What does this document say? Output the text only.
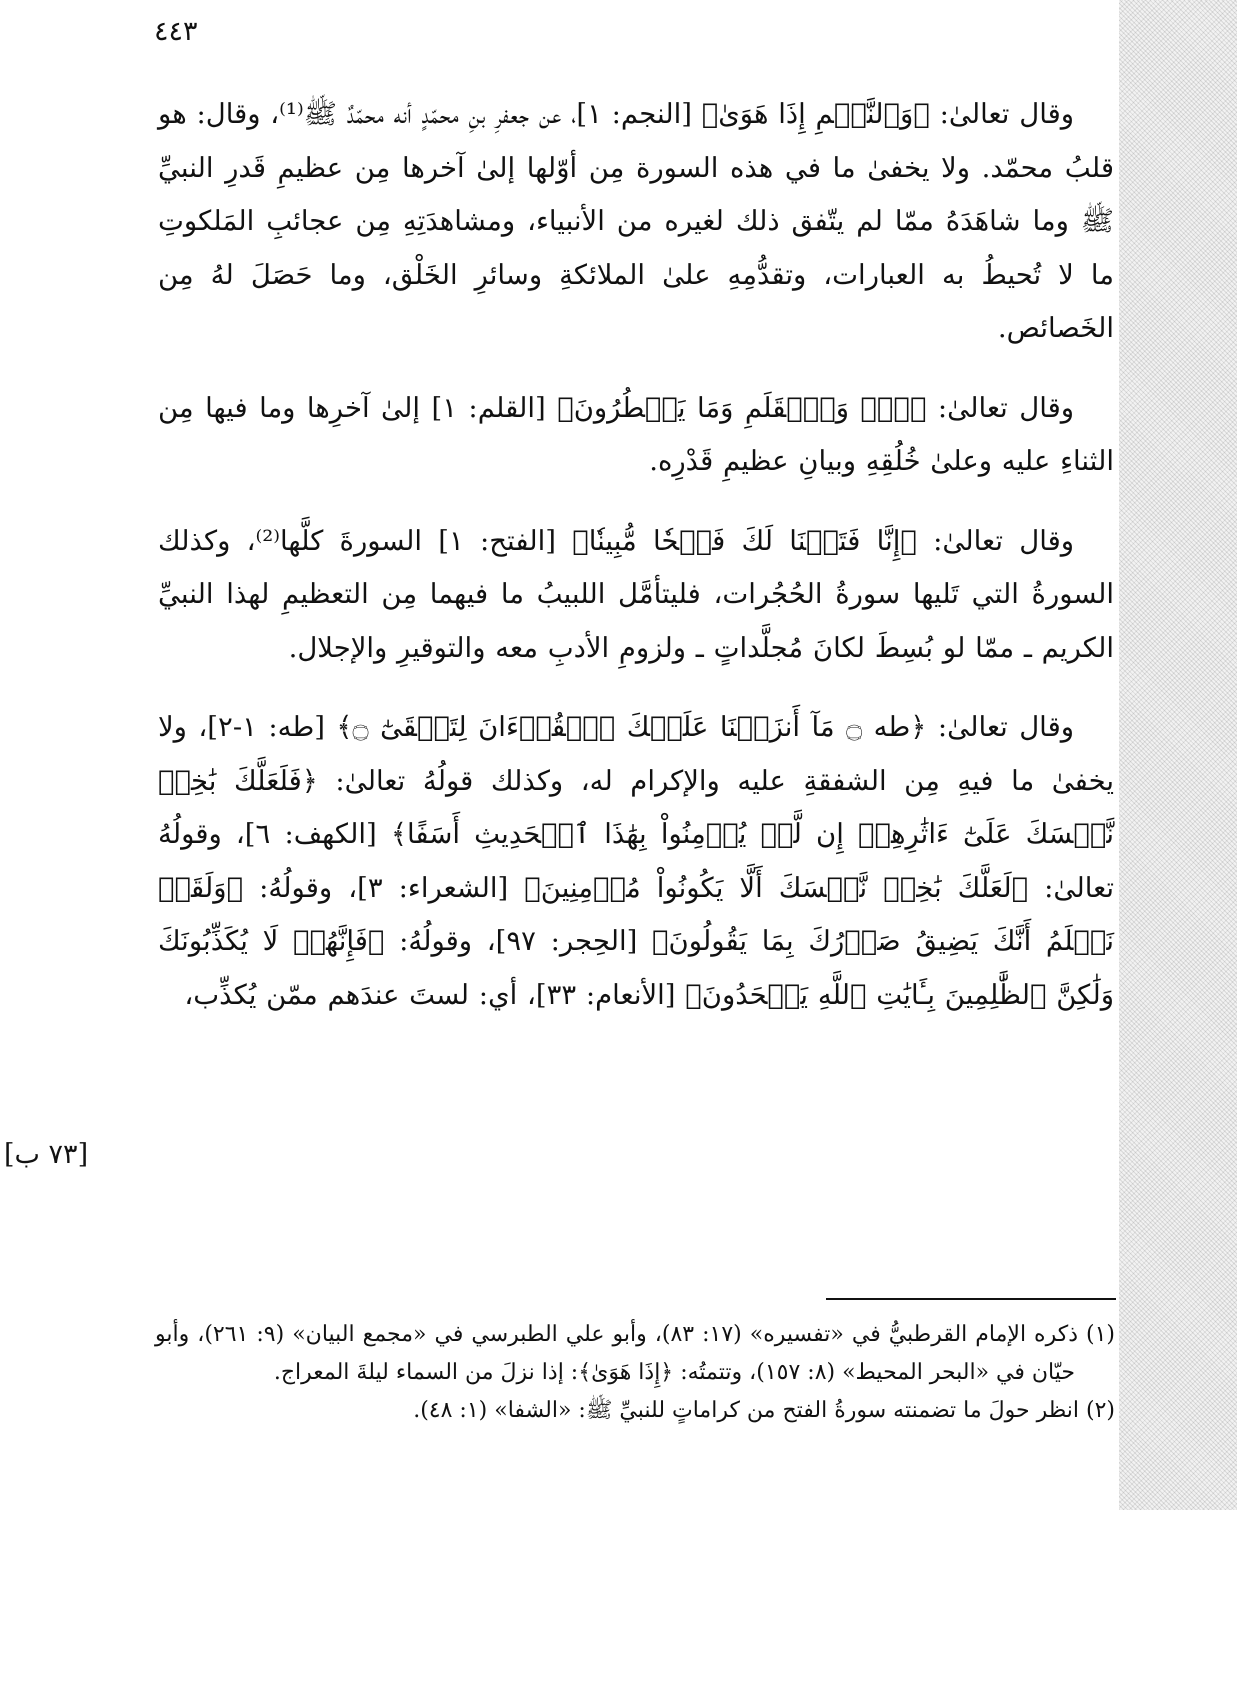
٤٤٣

وقال تعالىٰ: ﴿وَٱلنَّجۡمِ إِذَا هَوَىٰ﴾ [النجم: ١]، عن جعفرِ بنِ محمّدٍ أنه محمّدٌ ﷺ⁽¹⁾، وقال: هو قلبُ محمّد. ولا يخفىٰ ما في هذه السورة مِن أوّلها إلىٰ آخرها مِن عظيمِ قَدرِ النبيِّ ﷺ وما شاهَدَهُ ممّا لم يتّفق ذلك لغيره من الأنبياء، ومشاهدَتِهِ مِن عجائبِ المَلكوتِ ما لا تُحيطُ به العبارات، وتقدُّمِهِ علىٰ الملائكةِ وسائرِ الخَلْق، وما حَصَلَ لهُ مِن الخَصائص.

وقال تعالىٰ: ﴿نٓۚ وَٱلۡقَلَمِ وَمَا يَسۡطُرُونَ﴾ [القلم: ١] إلىٰ آخرِها وما فيها مِن الثناءِ عليه وعلىٰ خُلُقِهِ وبيانِ عظيمِ قَدْرِه.

وقال تعالىٰ: ﴿إِنَّا فَتَحۡنَا لَكَ فَتۡحٗا مُّبِينٗا﴾ [الفتح: ١] السورةَ كلَّها⁽²⁾، وكذلك السورةُ التي تَليها سورةُ الحُجُرات، فليتأمَّل اللبيبُ ما فيهما مِن التعظيمِ لهذا النبيِّ الكريم ـ ممّا لو بُسِطَ لكانَ مُجلَّداتٍ ـ ولزومِ الأدبِ معه والتوقيرِ والإجلال.

وقال تعالىٰ: ﴿طه ۝ مَآ أَنزَلۡنَا عَلَيۡكَ ٱلۡقُرۡءَانَ لِتَشۡقَىٰٓ ۝﴾ [طه: ١-٢]، ولا يخفىٰ ما فيهِ مِن الشفقةِ عليه والإكرام له، وكذلك قولُهُ تعالىٰ: ﴿فَلَعَلَّكَ بَٰخِعٞ نَّفۡسَكَ عَلَىٰٓ ءَاثَٰرِهِمۡ إِن لَّمۡ يُؤۡمِنُواْ بِهَٰذَا ٱلۡحَدِيثِ أَسَفًا﴾ [الكهف: ٦]، وقولُهُ تعالىٰ: ﴿لَعَلَّكَ بَٰخِعٞ نَّفۡسَكَ أَلَّا يَكُونُواْ مُؤۡمِنِينَ﴾ [الشعراء: ٣]، وقولُهُ: ﴿وَلَقَدۡ نَعۡلَمُ أَنَّكَ يَضِيقُ صَدۡرُكَ بِمَا يَقُولُونَ﴾ [الحِجر: ٩٧]، وقولُهُ: ﴿فَإِنَّهُمۡ لَا يُكَذِّبُونَكَ وَلَٰكِنَّ ٱلظَّٰلِمِينَ بِـَٔايَٰتِ ٱللَّهِ يَجۡحَدُونَ﴾ [الأنعام: ٣٣]، أي: لستَ عندَهم ممّن يُكذِّب،

[٧٣ ب]

(١) ذكره الإمام القرطبيُّ في «تفسيره» (١٧: ٨٣)، وأبو علي الطبرسي في «مجمع البيان» (٩: ٢٦١)، وأبو حيّان في «البحر المحيط» (٨: ١٥٧)، وتتمتُه: ﴿إِذَا هَوَىٰ﴾: إذا نزلَ من السماء ليلةَ المعراج.

(٢) انظر حولَ ما تضمنته سورةُ الفتح من كراماتٍ للنبيِّ ﷺ: «الشفا» (١: ٤٨).
